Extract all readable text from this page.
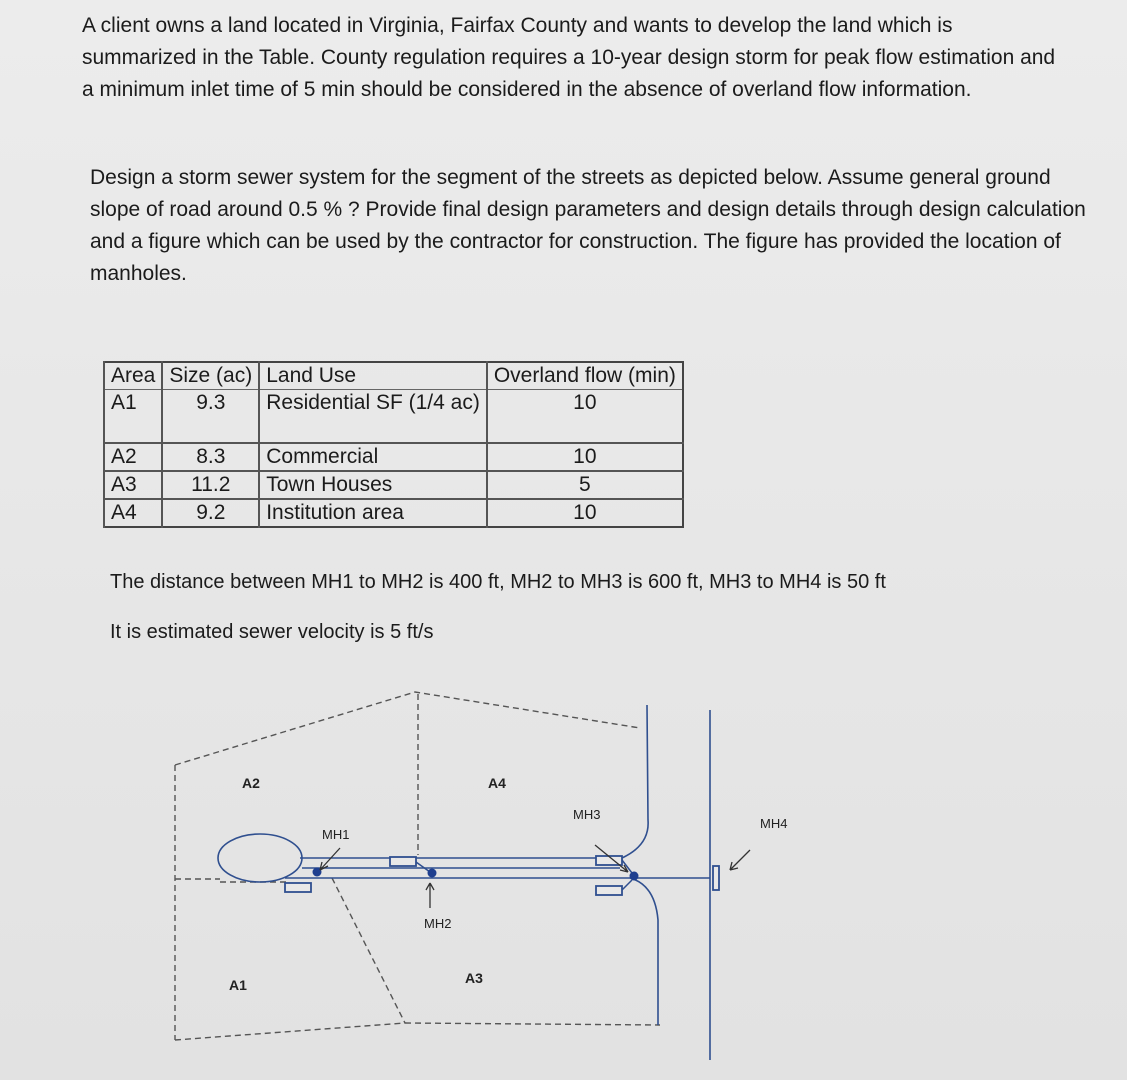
A client owns a land located in Virginia, Fairfax County and wants to develop the land which is summarized in the Table. County regulation requires a 10-year design storm for peak flow estimation and a minimum inlet time of 5 min should be considered in the absence of overland flow information.

Design a storm sewer system for the segment of the streets as depicted below. Assume general ground slope of road around 0.5 % ? Provide final design parameters and design details through design calculation and a figure which can be used by the contractor for construction. The figure has provided the location of manholes.

Area	Size (ac)	Land Use	Overland flow (min)
A1	9.3	Residential SF (1/4 ac)	10
A2	8.3	Commercial	10
A3	11.2	Town Houses	5
A4	9.2	Institution area	10

The distance between MH1 to MH2 is 400 ft, MH2 to MH3 is 600 ft, MH3 to MH4 is 50 ft

It is estimated sewer velocity is 5 ft/s

A2	A4
A1	A3
MH1
MH2
MH3
MH4
